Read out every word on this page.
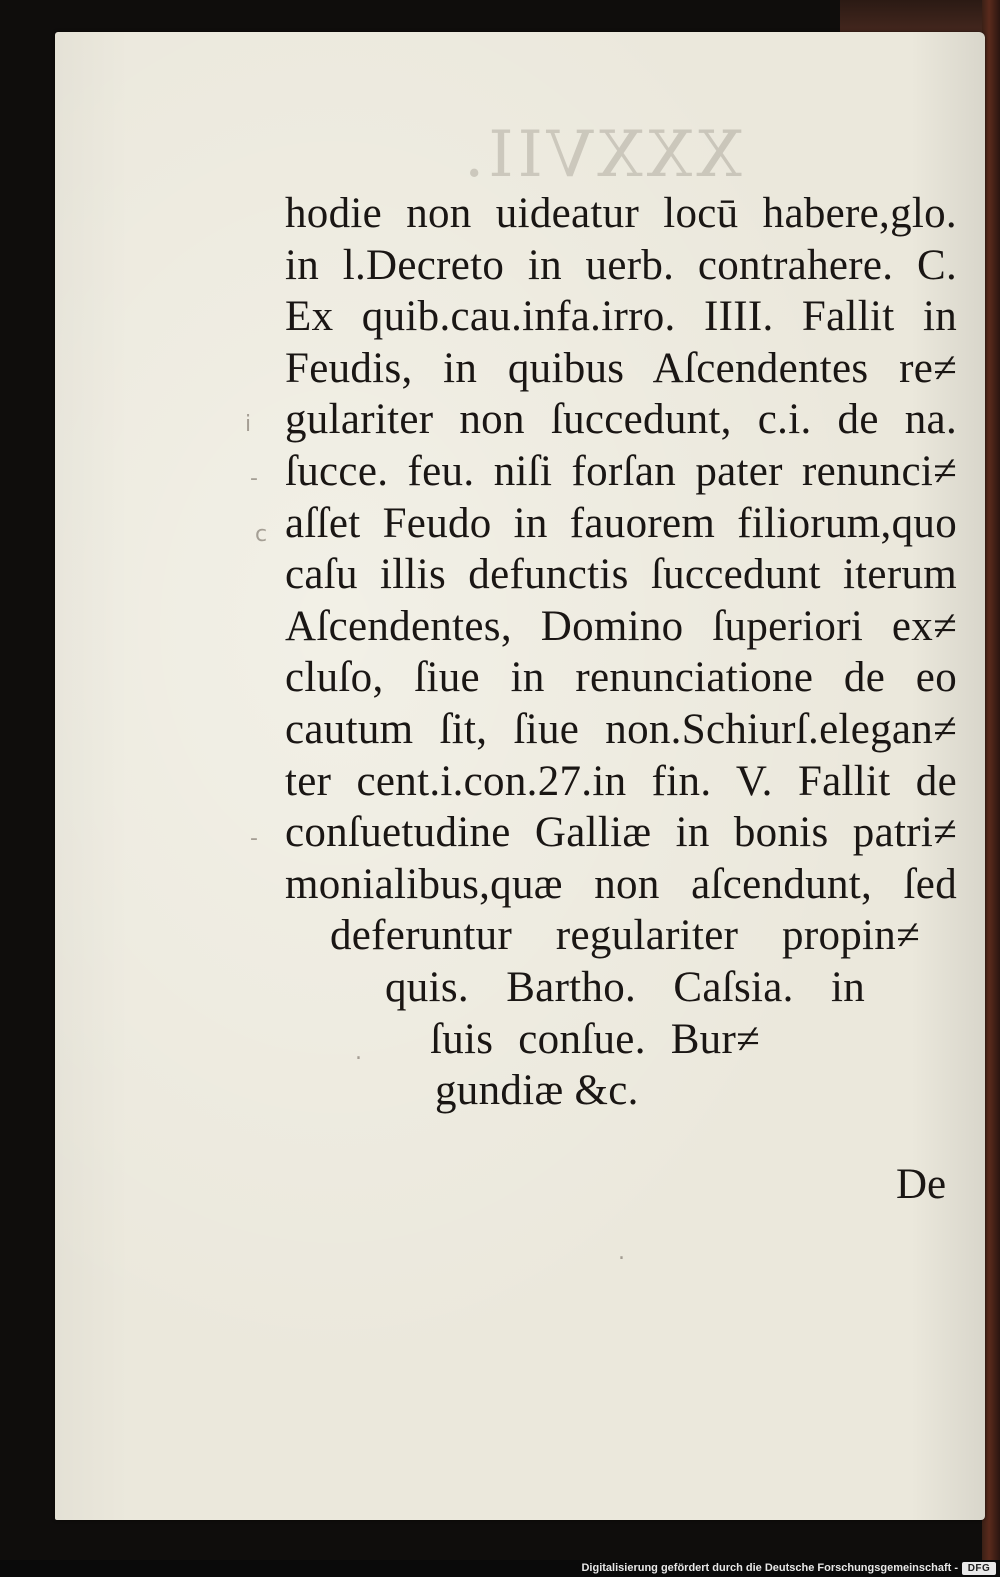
XXXVII.
hodie non uideatur locū habere,glo.
in l.Decreto in uerb. contrahere. C.
Ex quib.cau.infa.irro. IIII. Fallit in
Feudis, in quibus Aſcendentes re≠
gulariter non ſuccedunt, c.i. de na.
ſucce. feu. niſi forſan pater renunci≠
aſſet Feudo in fauorem filiorum,quo
caſu illis defunctis ſuccedunt iterum
Aſcendentes, Domino ſuperiori ex≠
cluſo, ſiue in renunciatione de eo
cautum ſit, ſiue non.Schiurſ.elegan≠
ter cent.i.con.27.in fin. V. Fallit de
conſuetudine Galliæ in bonis patri≠
monialibus,quæ non aſcendunt, ſed
deferuntur regulariter propin≠
quis. Bartho. Caſsia. in
ſuis conſue. Bur≠
gundiæ &c.
De
i
-
c
-
.
.
Digitalisierung gefördert durch die Deutsche Forschungsgemeinschaft - DFG
